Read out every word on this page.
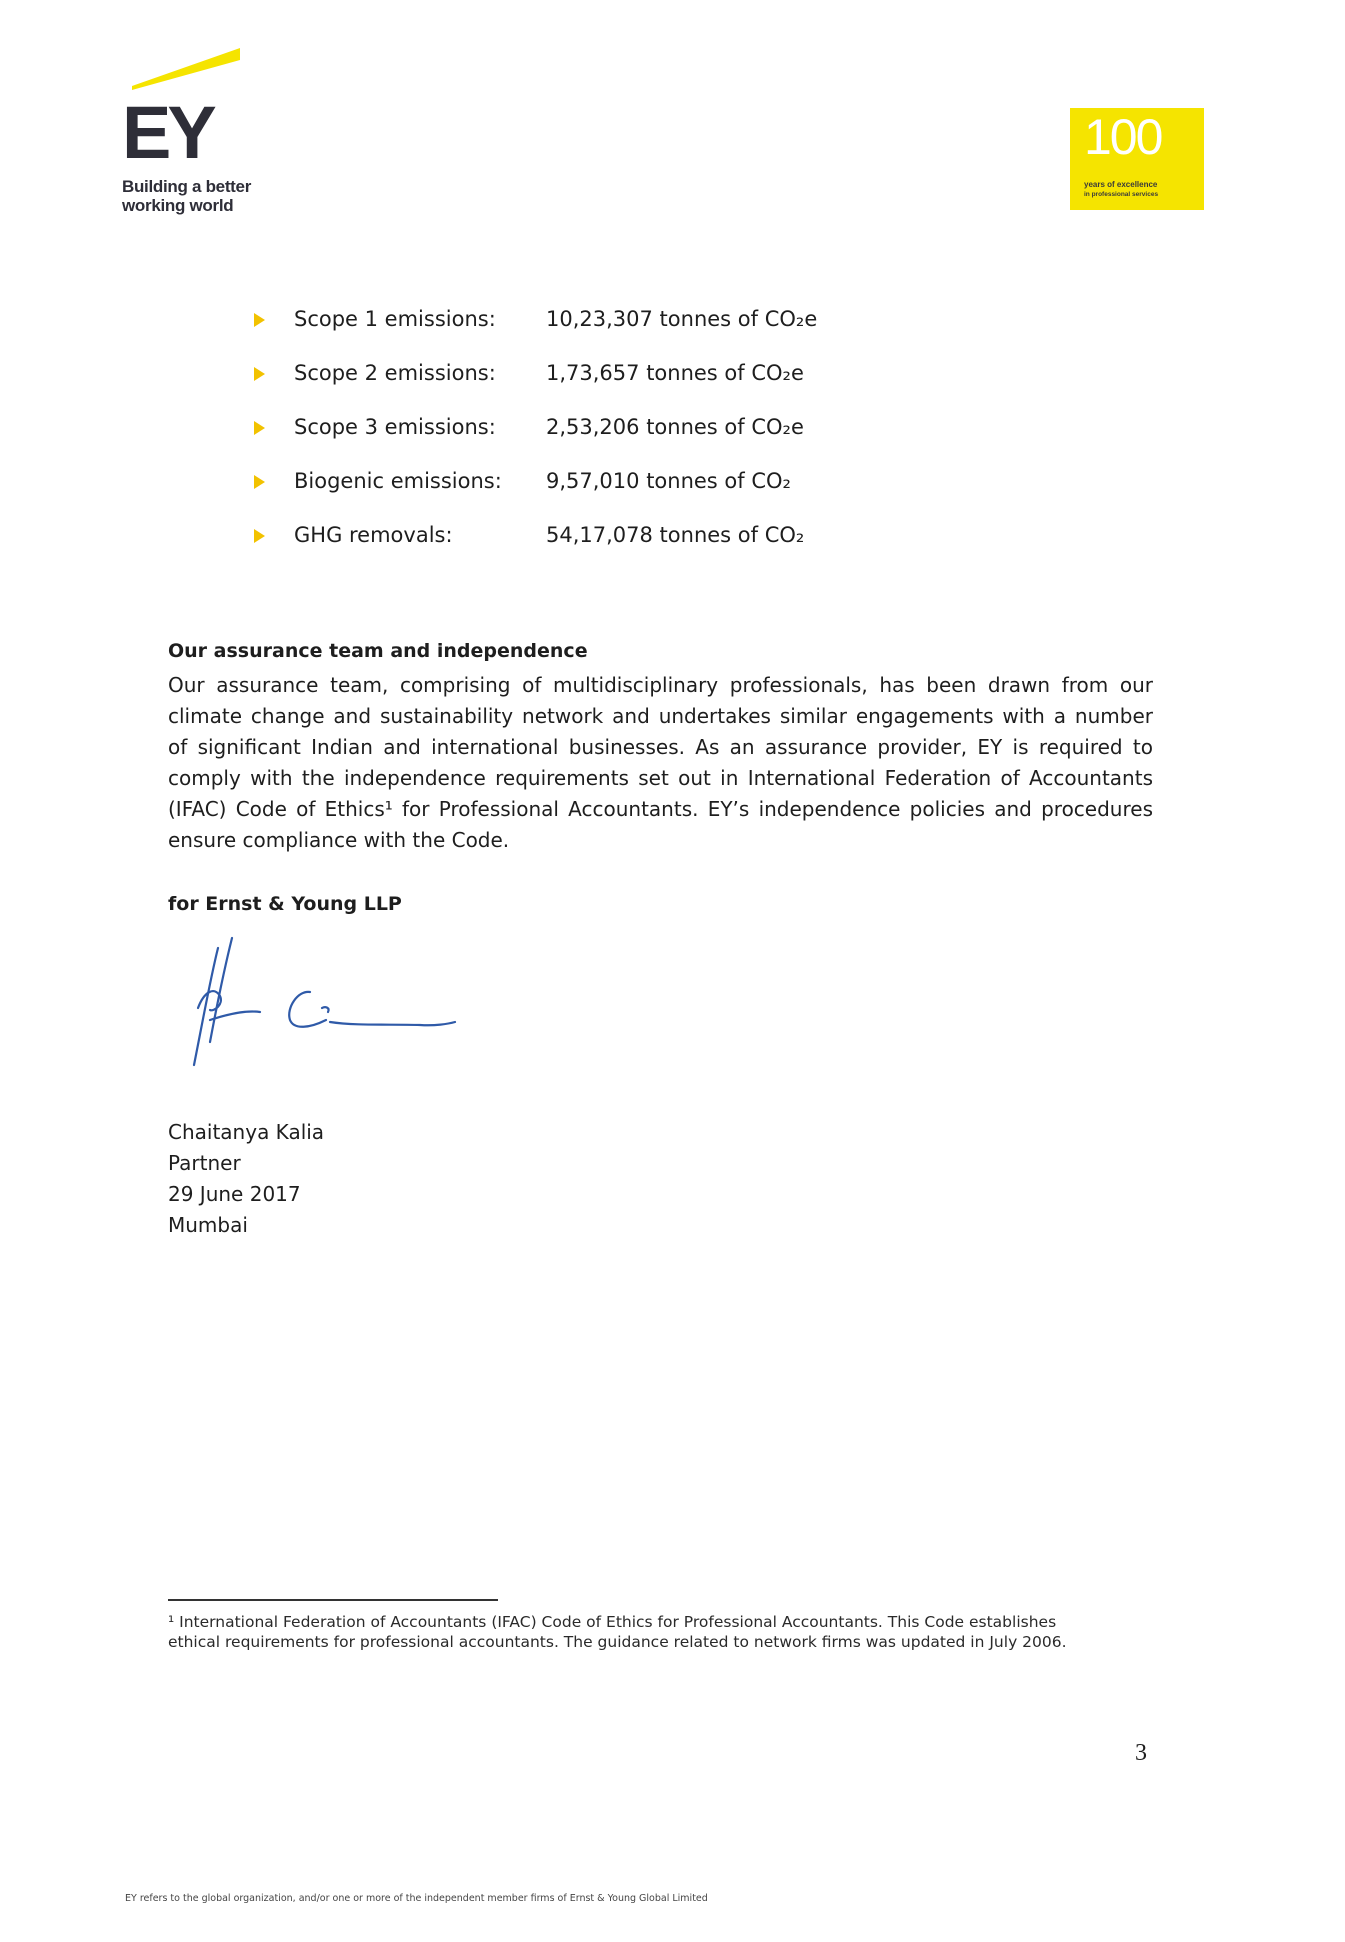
EY
Building a better
working world
100
years of excellence
in professional services
Scope 1 emissions: 10,23,307 tonnes of CO₂e
Scope 2 emissions: 1,73,657 tonnes of CO₂e
Scope 3 emissions: 2,53,206 tonnes of CO₂e
Biogenic emissions: 9,57,010 tonnes of CO₂
GHG removals:	54,17,078 tonnes of CO₂
Our assurance team and independence
Our assurance team, comprising of multidisciplinary professionals, has been drawn from our
climate change and sustainability network and undertakes similar engagements with a number
of significant Indian and international businesses. As an assurance provider, EY is required to
comply with the independence requirements set out in International Federation of Accountants
(IFAC) Code of Ethics¹ for Professional Accountants. EY’s independence policies and procedures
ensure compliance with the Code.
for Ernst & Young LLP
Chaitanya Kalia
Partner
29 June 2017
Mumbai
¹ International Federation of Accountants (IFAC) Code of Ethics for Professional Accountants. This Code establishes
ethical requirements for professional accountants. The guidance related to network firms was updated in July 2006.
3
EY refers to the global organization, and/or one or more of the independent member firms of Ernst & Young Global Limited
